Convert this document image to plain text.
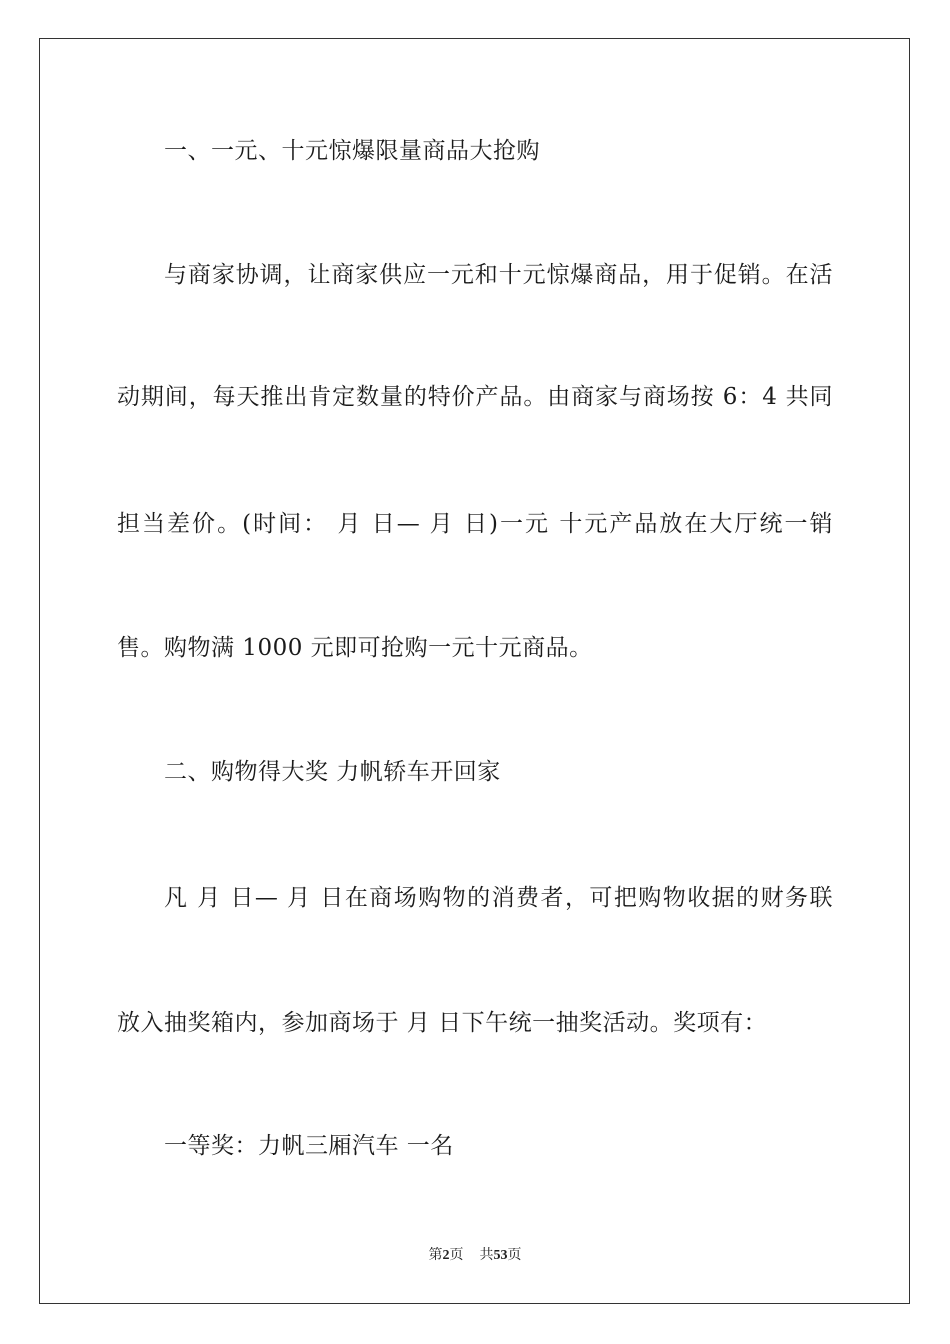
一、一元、十元惊爆限量商品大抢购
与商家协调，让商家供应一元和十元惊爆商品，用于促销。在活
动期间，每天推出肯定数量的特价产品。由商家与商场按 6：4 共同
担当差价。(时间： 月 日— 月 日)一元 十元产品放在大厅统一销
售。购物满 1000 元即可抢购一元十元商品。
二、购物得大奖 力帆轿车开回家
凡 月 日— 月 日在商场购物的消费者，可把购物收据的财务联
放入抽奖箱内，参加商场于 月 日下午统一抽奖活动。奖项有：
一等奖：力帆三厢汽车 一名
第2页 共53页
